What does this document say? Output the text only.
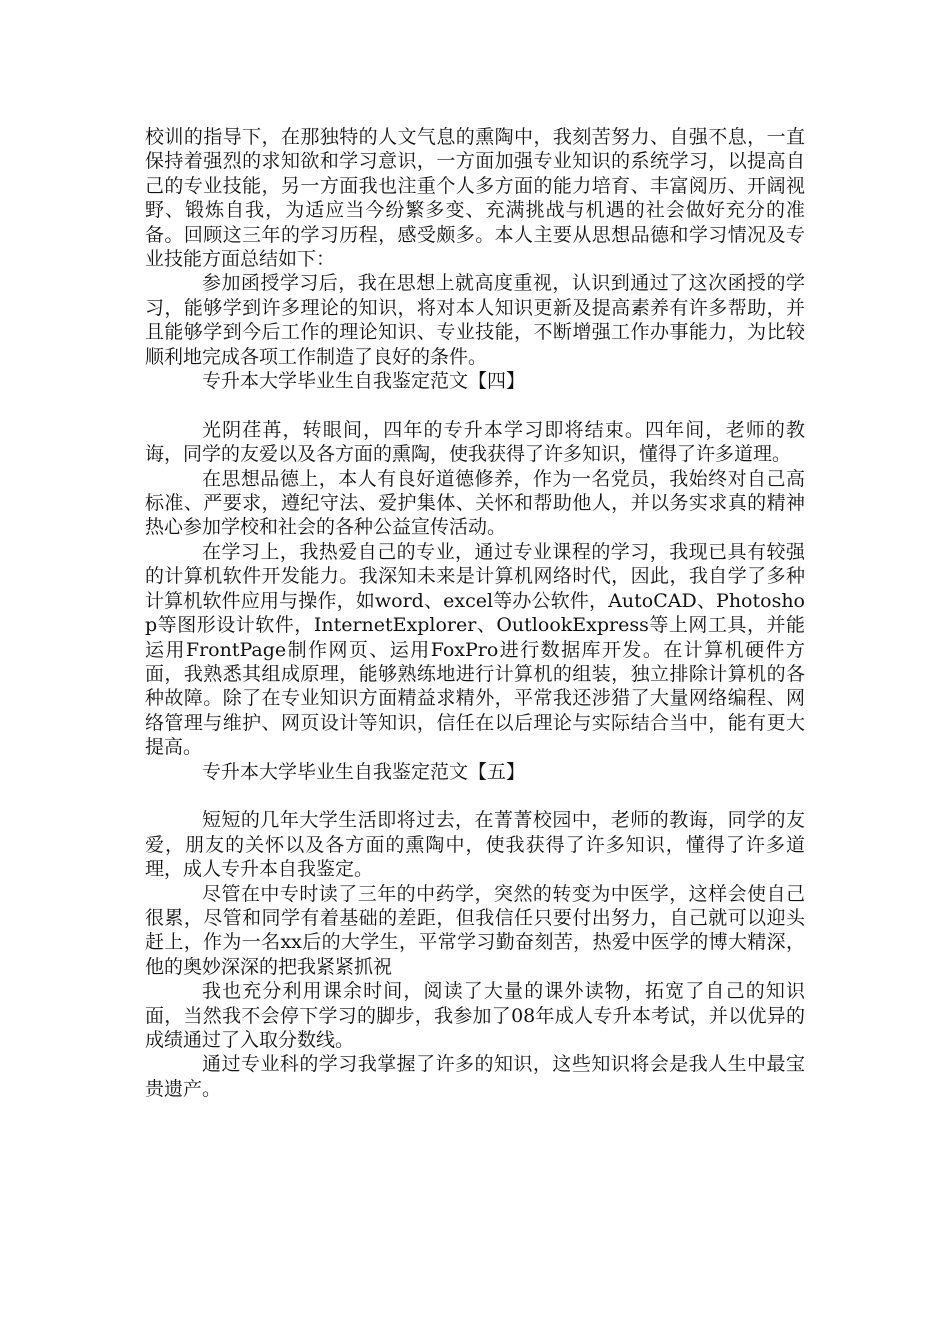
校训的指导下，在那独特的人文气息的熏陶中，我刻苦努力、自强不息，一直保持着强烈的求知欲和学习意识，一方面加强专业知识的系统学习，以提高自己的专业技能，另一方面我也注重个人多方面的能力培育、丰富阅历、开阔视野、锻炼自我，为适应当今纷繁多变、充满挑战与机遇的社会做好充分的准备。回顾这三年的学习历程，感受颇多。本人主要从思想品德和学习情况及专业技能方面总结如下：

参加函授学习后，我在思想上就高度重视，认识到通过了这次函授的学习，能够学到许多理论的知识，将对本人知识更新及提高素养有许多帮助，并且能够学到今后工作的理论知识、专业技能，不断增强工作办事能力，为比较顺利地完成各项工作制造了良好的条件。

专升本大学毕业生自我鉴定范文【四】

光阴荏苒，转眼间，四年的专升本学习即将结束。四年间，老师的教诲，同学的友爱以及各方面的熏陶，使我获得了许多知识，懂得了许多道理。

在思想品德上，本人有良好道德修养，作为一名党员，我始终对自己高标准、严要求，遵纪守法、爱护集体、关怀和帮助他人，并以务实求真的精神热心参加学校和社会的各种公益宣传活动。

在学习上，我热爱自己的专业，通过专业课程的学习，我现已具有较强的计算机软件开发能力。我深知未来是计算机网络时代，因此，我自学了多种计算机软件应用与操作，如word、excel等办公软件，AutoCAD、Photoshop等图形设计软件，InternetExplorer、OutlookExpress等上网工具，并能运用FrontPage制作网页、运用FoxPro进行数据库开发。在计算机硬件方面，我熟悉其组成原理，能够熟练地进行计算机的组装，独立排除计算机的各种故障。除了在专业知识方面精益求精外，平常我还涉猎了大量网络编程、网络管理与维护、网页设计等知识，信任在以后理论与实际结合当中，能有更大提高。

专升本大学毕业生自我鉴定范文【五】

短短的几年大学生活即将过去，在菁菁校园中，老师的教诲，同学的友爱，朋友的关怀以及各方面的熏陶中，使我获得了许多知识，懂得了许多道理，成人专升本自我鉴定。

尽管在中专时读了三年的中药学，突然的转变为中医学，这样会使自己很累，尽管和同学有着基础的差距，但我信任只要付出努力，自己就可以迎头赶上，作为一名xx后的大学生，平常学习勤奋刻苦，热爱中医学的博大精深，他的奥妙深深的把我紧紧抓祝

我也充分利用课余时间，阅读了大量的课外读物，拓宽了自己的知识面，当然我不会停下学习的脚步，我参加了08年成人专升本考试，并以优异的成绩通过了入取分数线。

通过专业科的学习我掌握了许多的知识，这些知识将会是我人生中最宝贵遗产。
